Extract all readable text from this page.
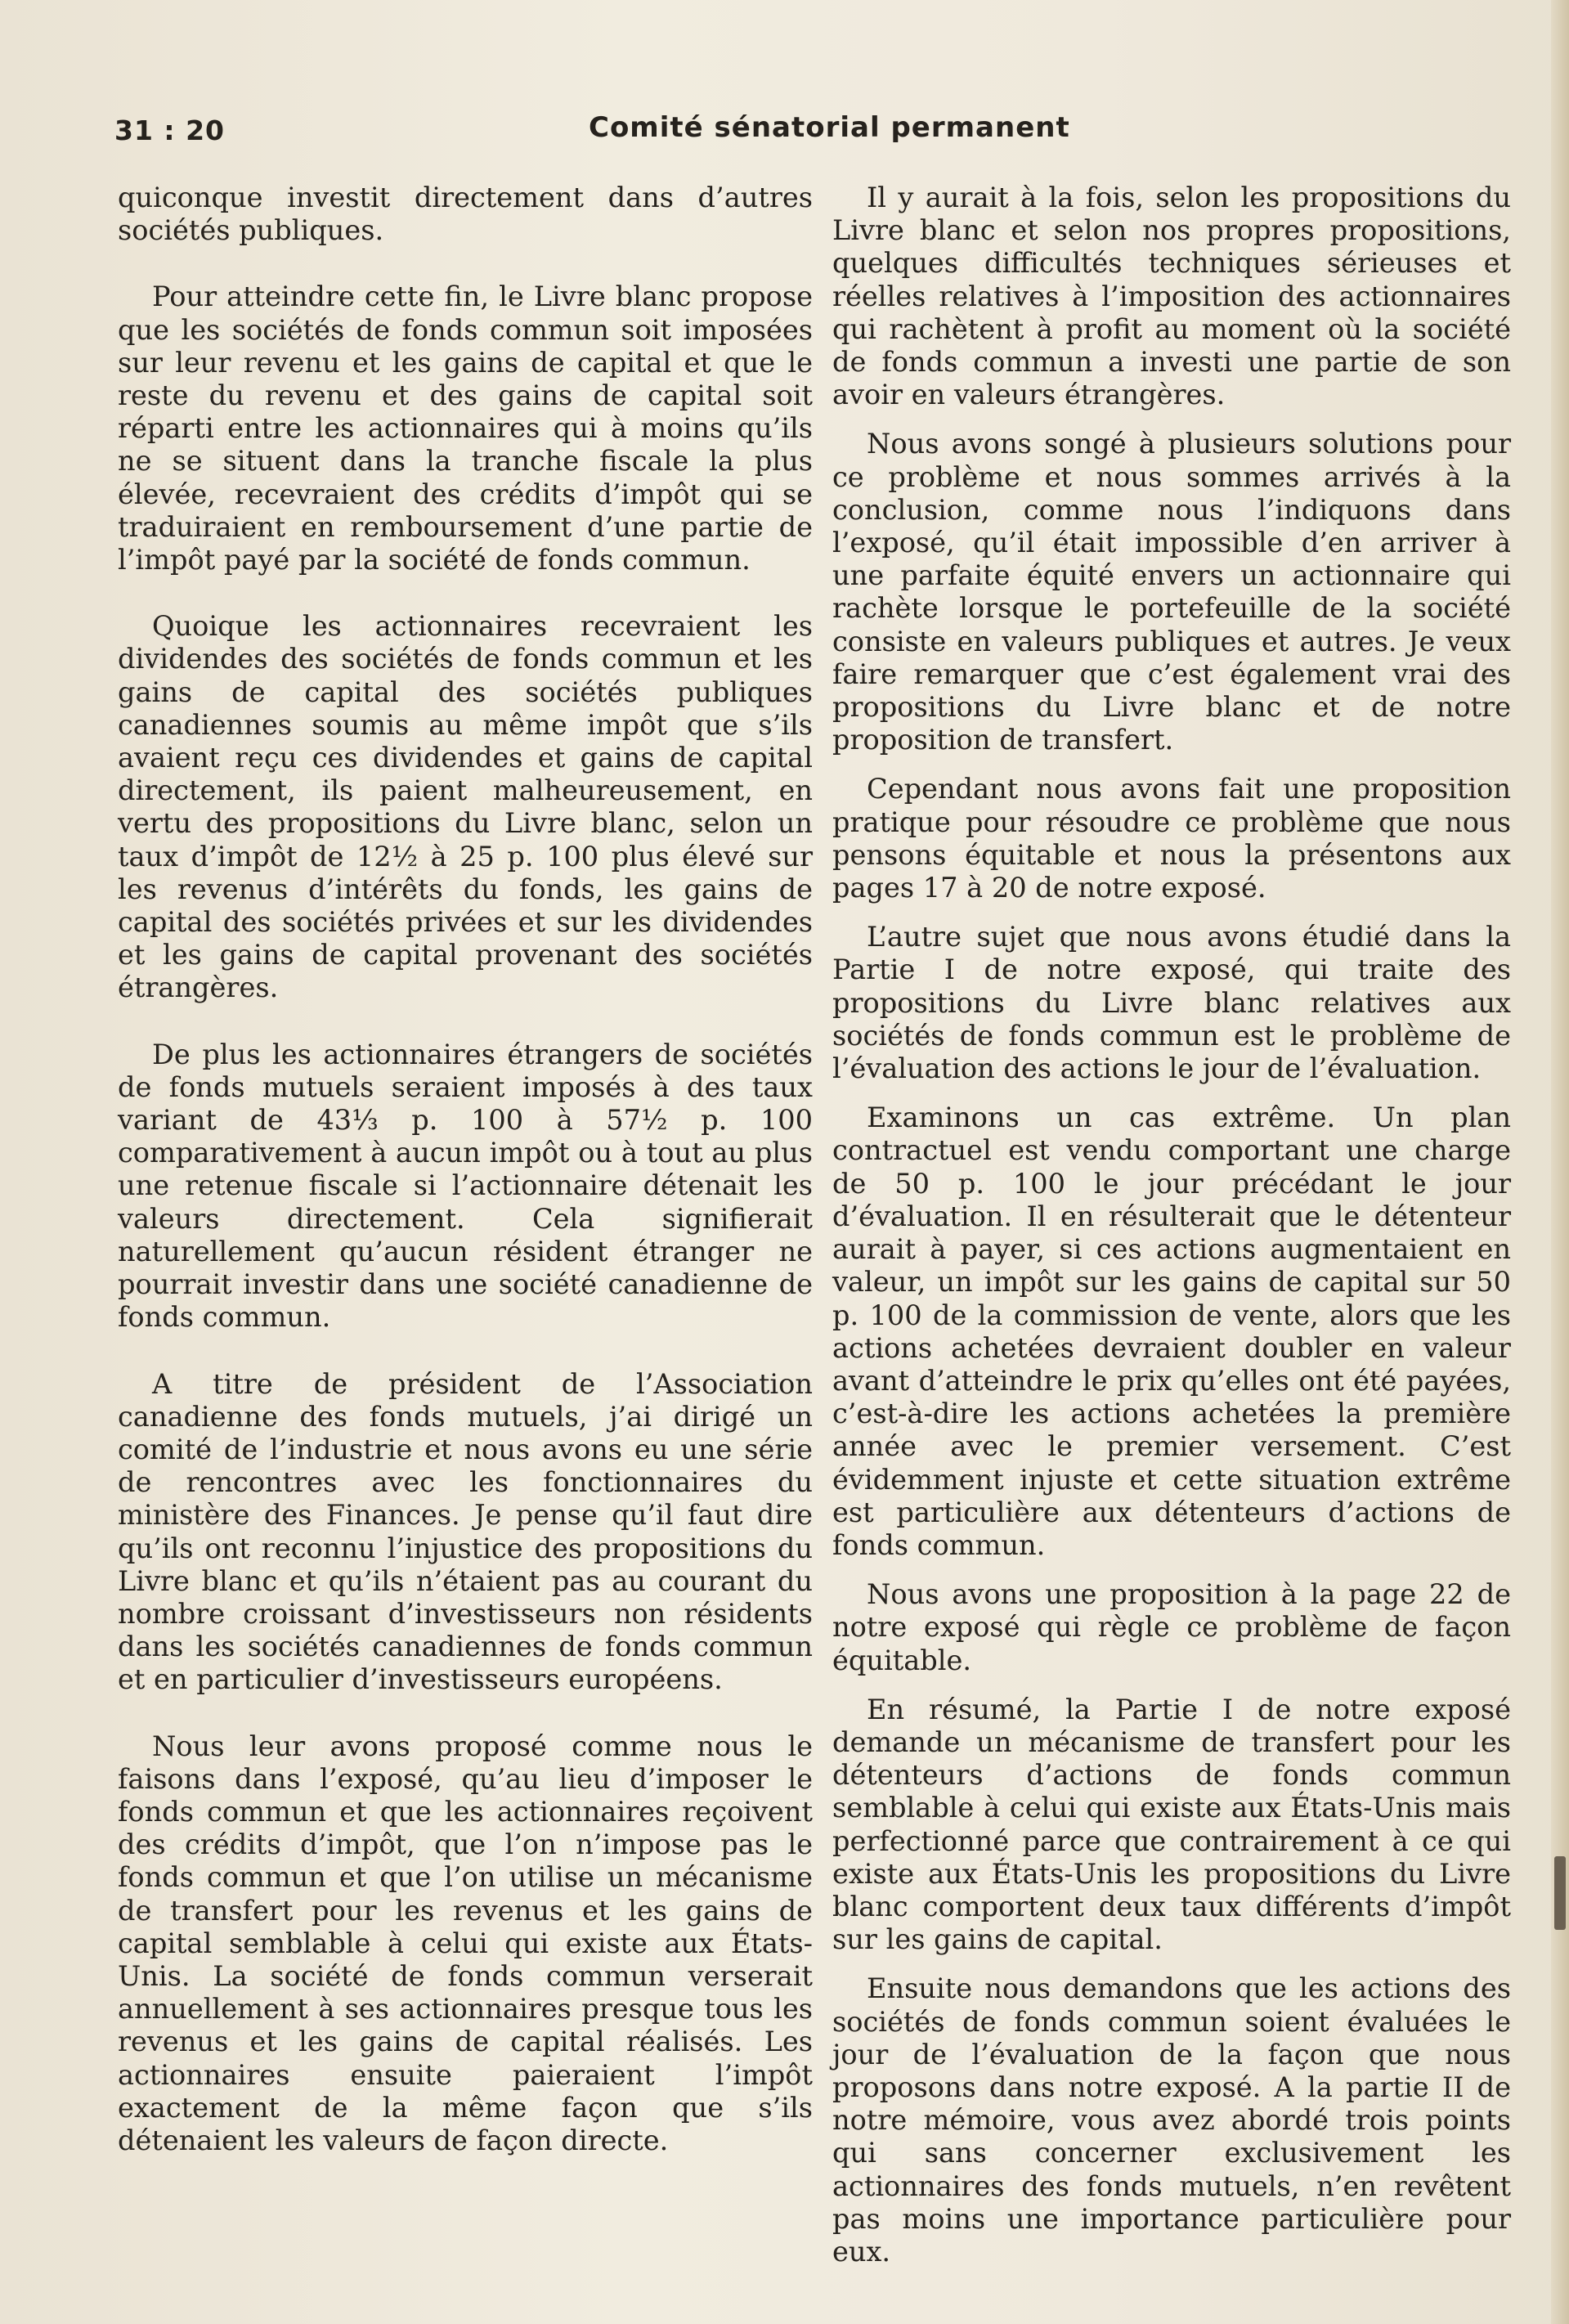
31 : 20	Comité sénatorial permanent

quiconque investit directement dans d’autres sociétés publiques.

Pour atteindre cette fin, le Livre blanc propose que les sociétés de fonds commun soit imposées sur leur revenu et les gains de capital et que le reste du revenu et des gains de capital soit réparti entre les actionnaires qui à moins qu’ils ne se situent dans la tranche fiscale la plus élevée, recevraient des crédits d’impôt qui se traduiraient en remboursement d’une partie de l’impôt payé par la société de fonds commun.

Quoique les actionnaires recevraient les dividendes des sociétés de fonds commun et les gains de capital des sociétés publiques canadiennes soumis au même impôt que s’ils avaient reçu ces dividendes et gains de capital directement, ils paient malheureusement, en vertu des propositions du Livre blanc, selon un taux d’impôt de 12½ à 25 p. 100 plus élevé sur les revenus d’intérêts du fonds, les gains de capital des sociétés privées et sur les dividendes et les gains de capital provenant des sociétés étrangères.

De plus les actionnaires étrangers de sociétés de fonds mutuels seraient imposés à des taux variant de 43⅓ p. 100 à 57½ p. 100 comparativement à aucun impôt ou à tout au plus une retenue fiscale si l’actionnaire détenait les valeurs directement. Cela signifierait naturellement qu’aucun résident étranger ne pourrait investir dans une société canadienne de fonds commun.

A titre de président de l’Association canadienne des fonds mutuels, j’ai dirigé un comité de l’industrie et nous avons eu une série de rencontres avec les fonctionnaires du ministère des Finances. Je pense qu’il faut dire qu’ils ont reconnu l’injustice des propositions du Livre blanc et qu’ils n’étaient pas au courant du nombre croissant d’investisseurs non résidents dans les sociétés canadiennes de fonds commun et en particulier d’investisseurs européens.

Nous leur avons proposé comme nous le faisons dans l’exposé, qu’au lieu d’imposer le fonds commun et que les actionnaires reçoivent des crédits d’impôt, que l’on n’impose pas le fonds commun et que l’on utilise un mécanisme de transfert pour les revenus et les gains de capital semblable à celui qui existe aux États-Unis. La société de fonds commun verserait annuellement à ses actionnaires presque tous les revenus et les gains de capital réalisés. Les actionnaires ensuite paieraient l’impôt exactement de la même façon que s’ils détenaient les valeurs de façon directe.

Il y aurait à la fois, selon les propositions du Livre blanc et selon nos propres propositions, quelques difficultés techniques sérieuses et réelles relatives à l’imposition des actionnaires qui rachètent à profit au moment où la société de fonds commun a investi une partie de son avoir en valeurs étrangères.

Nous avons songé à plusieurs solutions pour ce problème et nous sommes arrivés à la conclusion, comme nous l’indiquons dans l’exposé, qu’il était impossible d’en arriver à une parfaite équité envers un actionnaire qui rachète lorsque le portefeuille de la société consiste en valeurs publiques et autres. Je veux faire remarquer que c’est également vrai des propositions du Livre blanc et de notre proposition de transfert.

Cependant nous avons fait une proposition pratique pour résoudre ce problème que nous pensons équitable et nous la présentons aux pages 17 à 20 de notre exposé.

L’autre sujet que nous avons étudié dans la Partie I de notre exposé, qui traite des propositions du Livre blanc relatives aux sociétés de fonds commun est le problème de l’évaluation des actions le jour de l’évaluation.

Examinons un cas extrême. Un plan contractuel est vendu comportant une charge de 50 p. 100 le jour précédant le jour d’évaluation. Il en résulterait que le détenteur aurait à payer, si ces actions augmentaient en valeur, un impôt sur les gains de capital sur 50 p. 100 de la commission de vente, alors que les actions achetées devraient doubler en valeur avant d’atteindre le prix qu’elles ont été payées, c’est-à-dire les actions achetées la première année avec le premier versement. C’est évidemment injuste et cette situation extrême est particulière aux détenteurs d’actions de fonds commun.

Nous avons une proposition à la page 22 de notre exposé qui règle ce problème de façon équitable.

En résumé, la Partie I de notre exposé demande un mécanisme de transfert pour les détenteurs d’actions de fonds commun semblable à celui qui existe aux États-Unis mais perfectionné parce que contrairement à ce qui existe aux États-Unis les propositions du Livre blanc comportent deux taux différents d’impôt sur les gains de capital.

Ensuite nous demandons que les actions des sociétés de fonds commun soient évaluées le jour de l’évaluation de la façon que nous proposons dans notre exposé. A la partie II de notre mémoire, vous avez abordé trois points qui sans concerner exclusivement les actionnaires des fonds mutuels, n’en revêtent pas moins une importance particulière pour eux.
